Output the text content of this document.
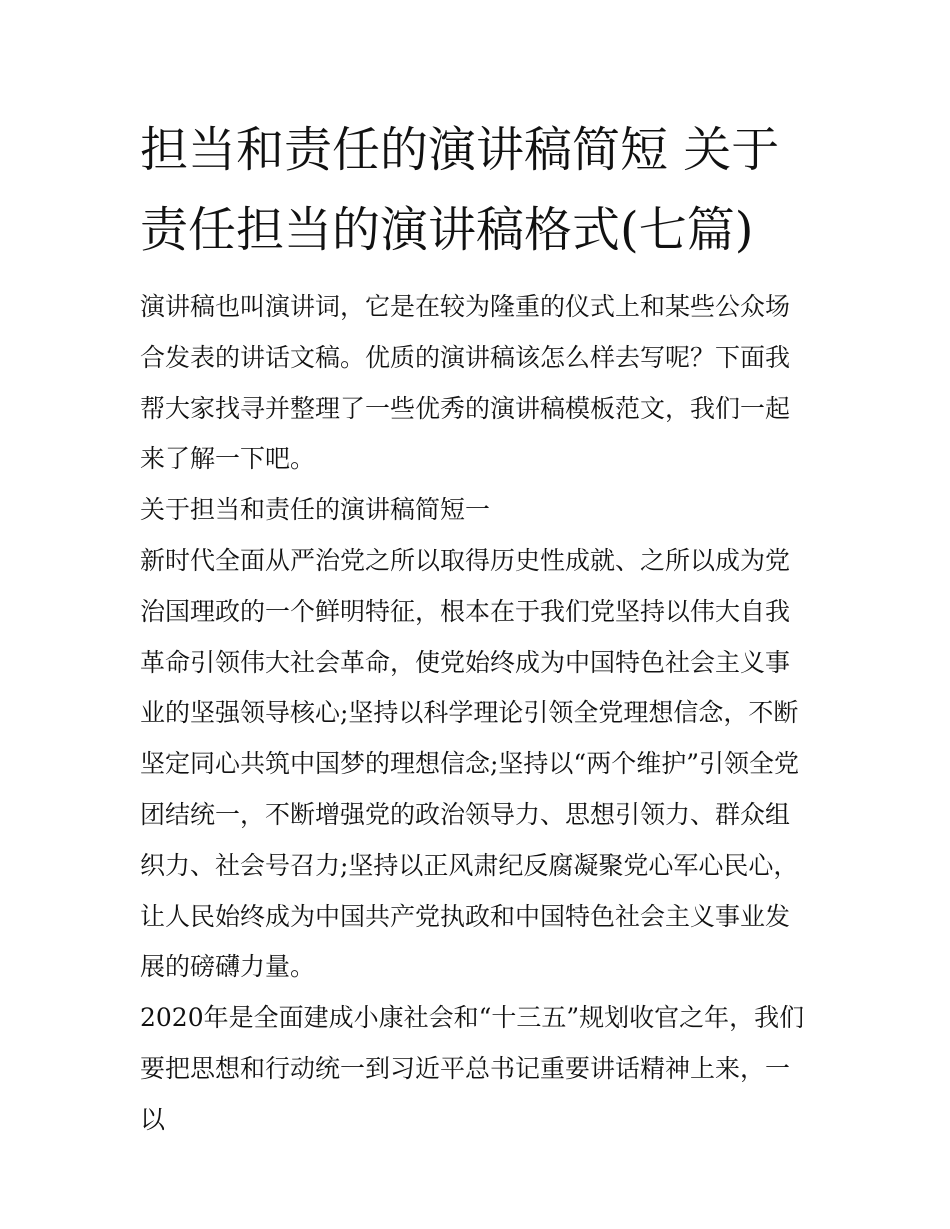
担当和责任的演讲稿简短 关于责任担当的演讲稿格式(七篇)

演讲稿也叫演讲词，它是在较为隆重的仪式上和某些公众场合发表的讲话文稿。优质的演讲稿该怎么样去写呢？下面我帮大家找寻并整理了一些优秀的演讲稿模板范文，我们一起来了解一下吧。

关于担当和责任的演讲稿简短一

新时代全面从严治党之所以取得历史性成就、之所以成为党治国理政的一个鲜明特征，根本在于我们党坚持以伟大自我革命引领伟大社会革命，使党始终成为中国特色社会主义事业的坚强领导核心;坚持以科学理论引领全党理想信念，不断坚定同心共筑中国梦的理想信念;坚持以“两个维护”引领全党团结统一，不断增强党的政治领导力、思想引领力、群众组织力、社会号召力;坚持以正风肃纪反腐凝聚党心军心民心，让人民始终成为中国共产党执政和中国特色社会主义事业发展的磅礴力量。

2020年是全面建成小康社会和“十三五”规划收官之年，我们要把思想和行动统一到习近平总书记重要讲话精神上来，一以
